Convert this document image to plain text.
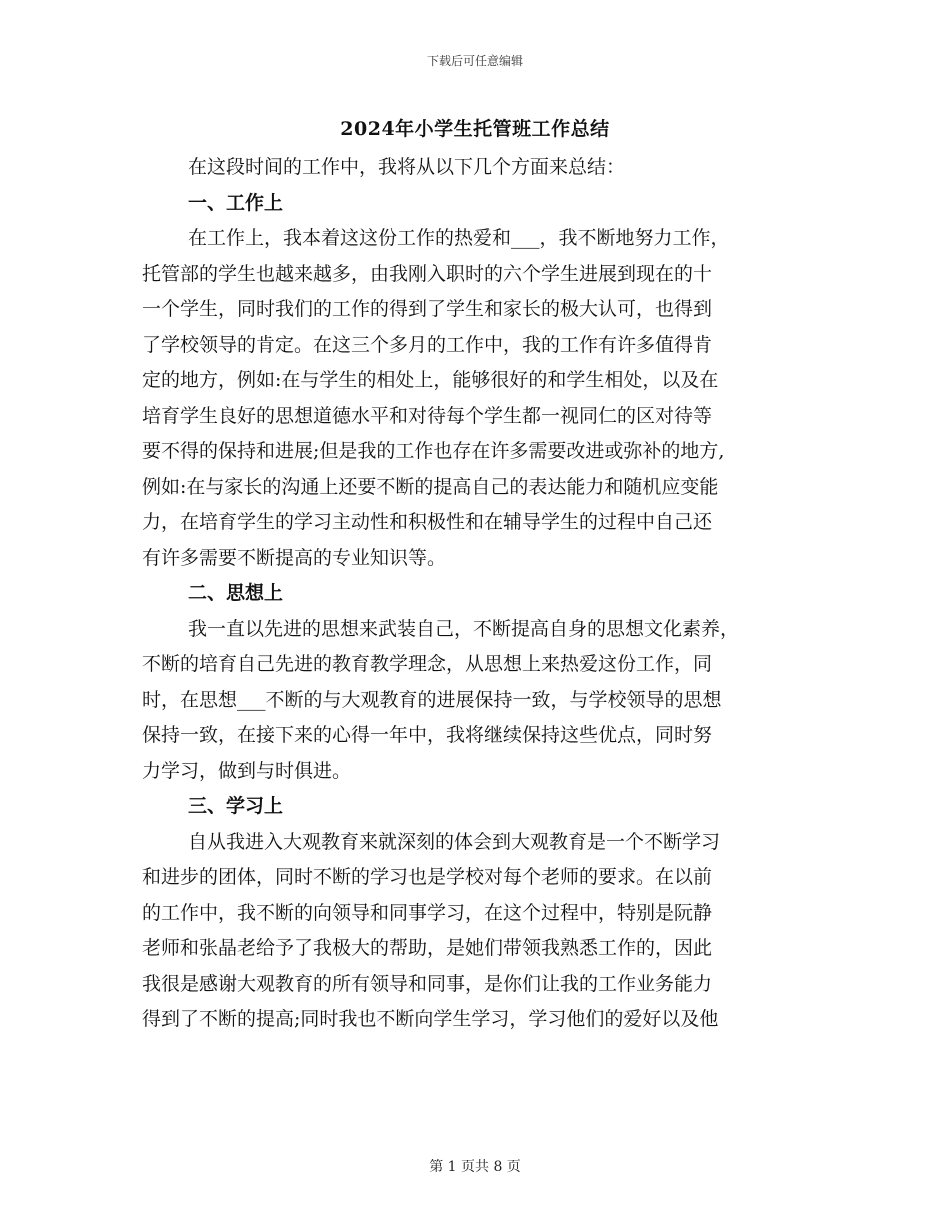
下载后可任意编辑
2024年小学生托管班工作总结
在这段时间的工作中，我将从以下几个方面来总结：
一、工作上
在工作上，我本着这这份工作的热爱和___，我不断地努力工作，
托管部的学生也越来越多，由我刚入职时的六个学生进展到现在的十
一个学生，同时我们的工作的得到了学生和家长的极大认可，也得到
了学校领导的肯定。在这三个多月的工作中，我的工作有许多值得肯
定的地方，例如:在与学生的相处上，能够很好的和学生相处，以及在
培育学生良好的思想道德水平和对待每个学生都一视同仁的区对待等
要不得的保持和进展;但是我的工作也存在许多需要改进或弥补的地方,
例如:在与家长的沟通上还要不断的提高自己的表达能力和随机应变能
力，在培育学生的学习主动性和积极性和在辅导学生的过程中自己还
有许多需要不断提高的专业知识等。
二、思想上
我一直以先进的思想来武装自己，不断提高自身的思想文化素养，
不断的培育自己先进的教育教学理念，从思想上来热爱这份工作，同
时，在思想___不断的与大观教育的进展保持一致，与学校领导的思想
保持一致，在接下来的心得一年中，我将继续保持这些优点，同时努
力学习，做到与时俱进。
三、学习上
自从我进入大观教育来就深刻的体会到大观教育是一个不断学习
和进步的团体，同时不断的学习也是学校对每个老师的要求。在以前
的工作中，我不断的向领导和同事学习，在这个过程中，特别是阮静
老师和张晶老给予了我极大的帮助，是她们带领我熟悉工作的，因此
我很是感谢大观教育的所有领导和同事，是你们让我的工作业务能力
得到了不断的提高;同时我也不断向学生学习，学习他们的爱好以及他
第 1 页共 8 页
